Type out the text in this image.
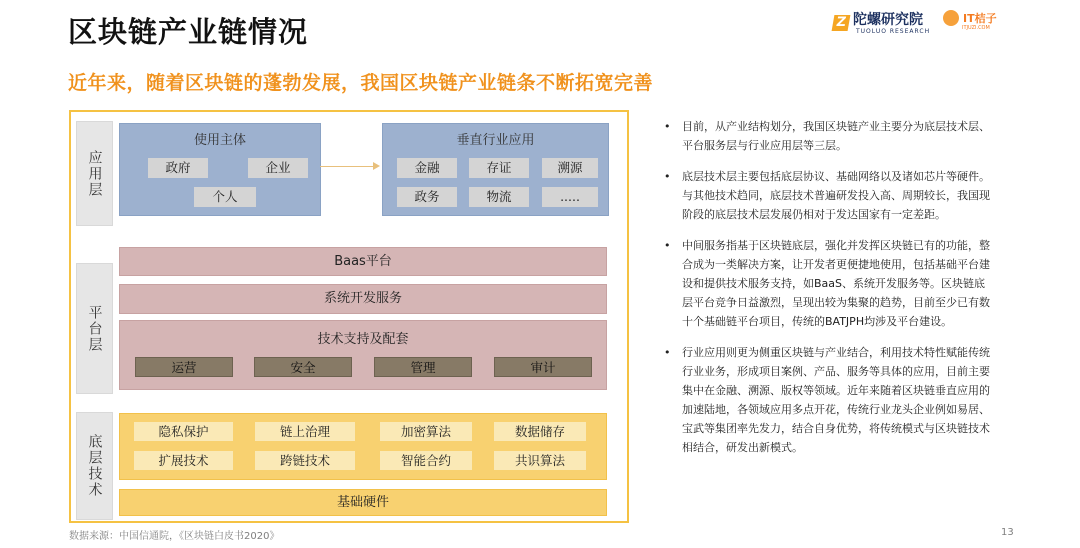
区块链产业链情况
近年来，随着区块链的蓬勃发展，我国区块链产业链条不断拓宽完善
Z 陀螺研究院
TUOLUO RESEARCH
IT桔子
ITJUZI.COM
应用层
平台层
底层技术
使用主体
政府	企业
个人
垂直行业应用
金融	存证	溯源
政务	物流	.....
Baas平台
系统开发服务
技术支持及配套
运营	安全	管理	审计
隐私保护	链上治理	加密算法	数据储存
扩展技术	跨链技术	智能合约	共识算法
基础硬件
• 目前，从产业结构划分，我国区块链产业主要分为底层技术层、
平台服务层与行业应用层等三层。
• 底层技术层主要包括底层协议、基础网络以及诸如芯片等硬件。
与其他技术趋同，底层技术普遍研发投入高、周期较长，我国现
阶段的底层技术层发展仍相对于发达国家有一定差距。
• 中间服务指基于区块链底层，强化并发挥区块链已有的功能，整
合成为一类解决方案，让开发者更便捷地使用，包括基础平台建
设和提供技术服务支持，如BaaS、系统开发服务等。区块链底
层平台竞争日益激烈，呈现出较为集聚的趋势，目前至少已有数
十个基础链平台项目，传统的BATJPH均涉及平台建设。
• 行业应用则更为侧重区块链与产业结合，利用技术特性赋能传统
行业业务，形成项目案例、产品、服务等具体的应用，目前主要
集中在金融、溯源、版权等领域。近年来随着区块链垂直应用的
加速陆地，各领域应用多点开花，传统行业龙头企业例如易居、
宝武等集团率先发力，结合自身优势，将传统模式与区块链技术
相结合，研发出新模式。
数据来源：中国信通院，《区块链白皮书2020》	13
